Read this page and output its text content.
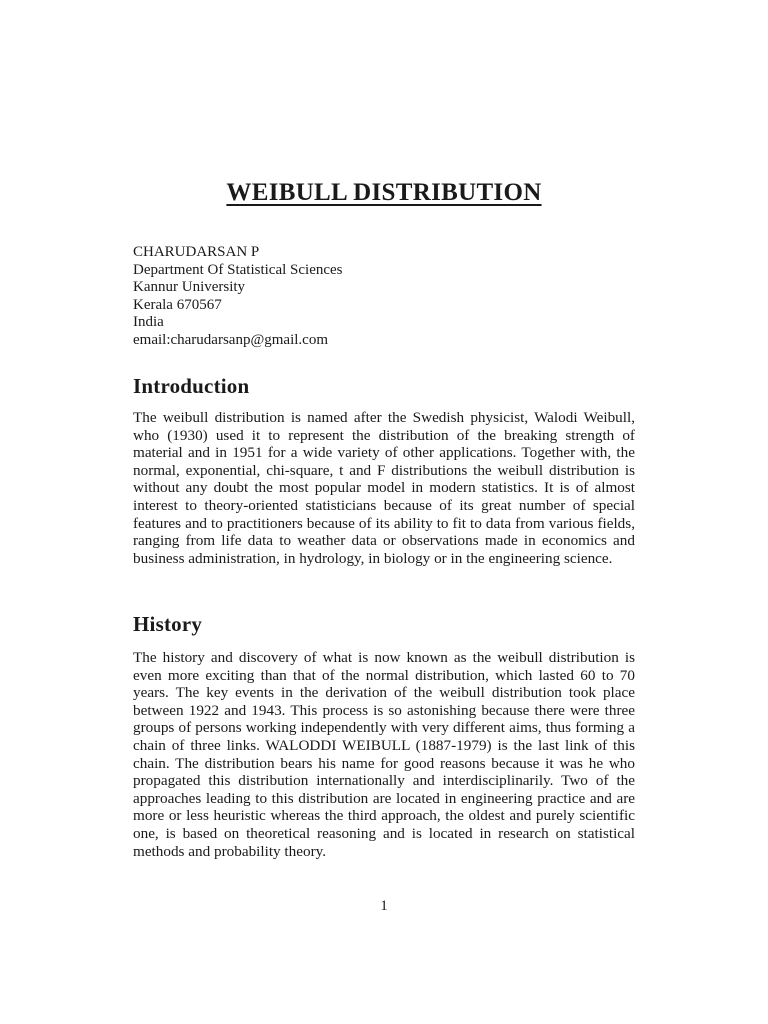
WEIBULL DISTRIBUTION
CHARUDARSAN P
Department Of Statistical Sciences
Kannur University
Kerala 670567
India
email:charudarsanp@gmail.com
Introduction

The weibull distribution is named after the Swedish physicist, Walodi Weibull, who (1930) used it to represent the distribution of the breaking strength of material and in 1951 for a wide variety of other applications. Together with, the normal, exponential, chi-square, t and F distributions the weibull distribution is without any doubt the most popular model in modern statistics. It is of almost interest to theory-oriented statisticians because of its great number of special features and to practitioners because of its ability to fit to data from various fields, ranging from life data to weather data or observations made in economics and business administration, in hydrology, in biology or in the engineering science.

History

The history and discovery of what is now known as the weibull distribution is even more exciting than that of the normal distribution, which lasted 60 to 70 years. The key events in the derivation of the weibull distribution took place between 1922 and 1943. This process is so astonishing because there were three groups of persons working independently with very different aims, thus forming a chain of three links. WALODDI WEIBULL (1887-1979) is the last link of this chain. The distribution bears his name for good reasons because it was he who propagated this distribution internationally and interdisciplinarily. Two of the approaches leading to this distribution are located in engineering practice and are more or less heuristic whereas the third approach, the oldest and purely scientific one, is based on theoretical reasoning and is located in research on statistical methods and probability theory.

1
